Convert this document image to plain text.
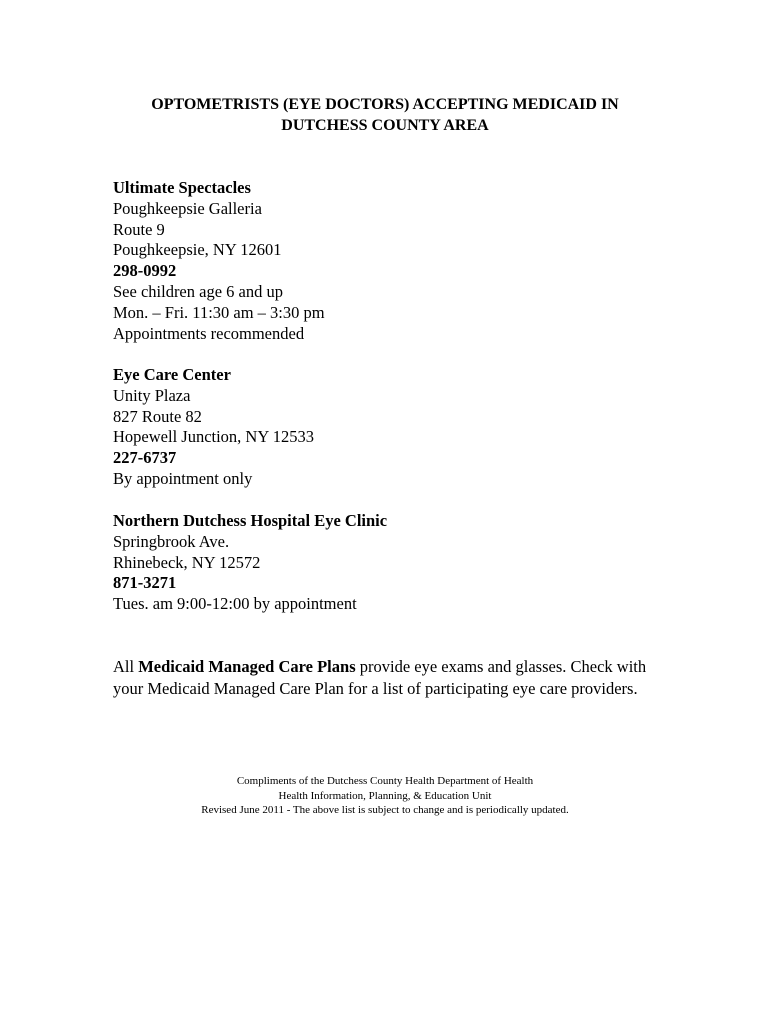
OPTOMETRISTS (EYE DOCTORS) ACCEPTING MEDICAID IN
DUTCHESS COUNTY AREA
Ultimate Spectacles
Poughkeepsie Galleria
Route 9
Poughkeepsie, NY 12601
298-0992
See children age 6 and up
Mon. – Fri. 11:30 am – 3:30 pm
Appointments recommended
Eye Care Center
Unity Plaza
827 Route 82
Hopewell Junction, NY 12533
227-6737
By appointment only
Northern Dutchess Hospital Eye Clinic
Springbrook Ave.
Rhinebeck, NY 12572
871-3271
Tues. am 9:00-12:00 by appointment
All Medicaid Managed Care Plans provide eye exams and glasses. Check with your Medicaid Managed Care Plan for a list of participating eye care providers.
Compliments of the Dutchess County Health Department of Health
Health Information, Planning, & Education Unit
Revised June 2011 - The above list is subject to change and is periodically updated.
